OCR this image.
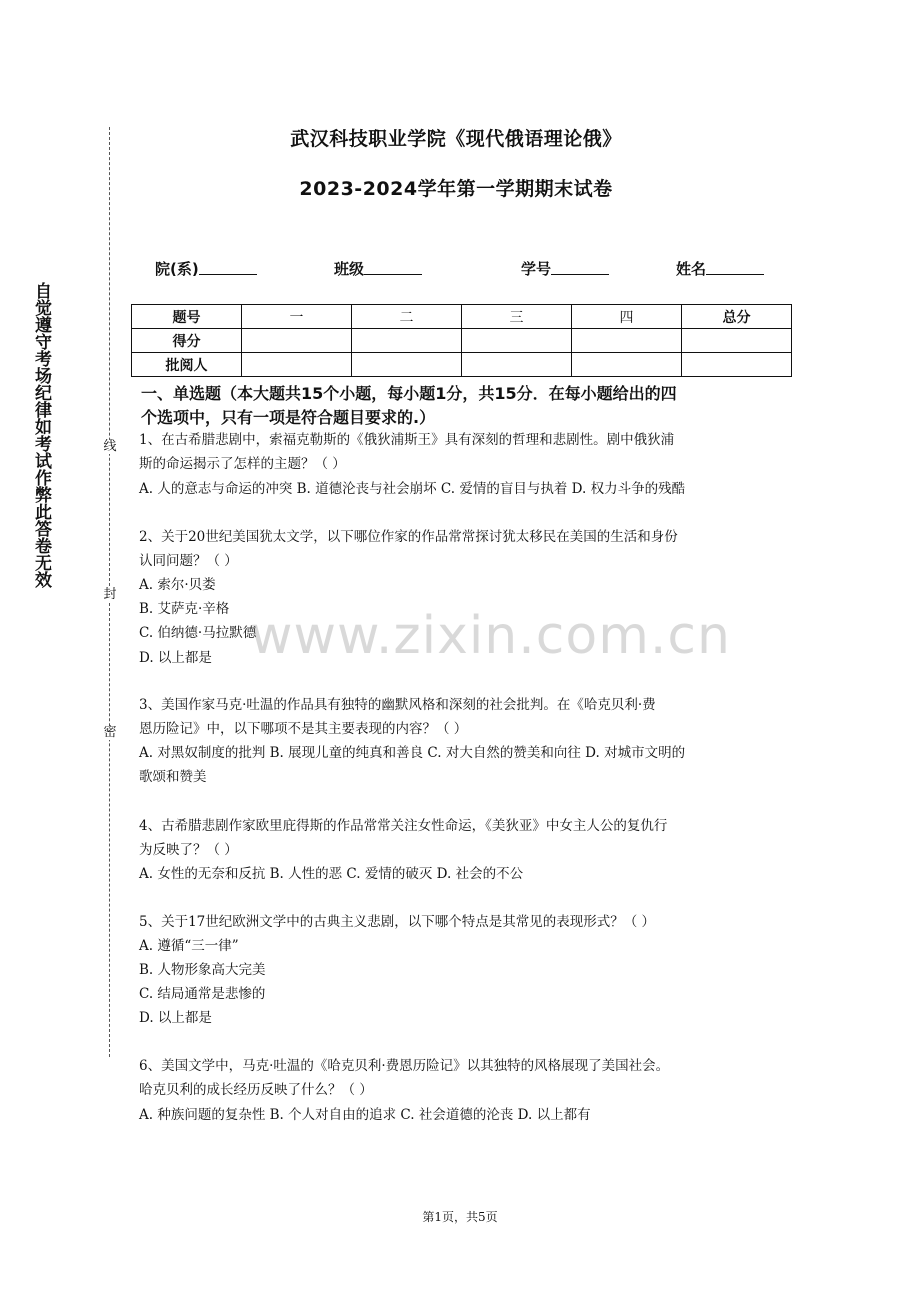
武汉科技职业学院《现代俄语理论俄》
2023-2024学年第一学期期末试卷
自觉遵守考场纪律如考试作弊此答卷无效	线
封
密
院(系)	班级	学号	姓名
题号	一	二	三	四	总分
得分					
批阅人					
一、单选题（本大题共15个小题，每小题1分，共15分．在每小题给出的四
个选项中，只有一项是符合题目要求的.）
www.zixin.com.cn
1、在古希腊悲剧中，索福克勒斯的《俄狄浦斯王》具有深刻的哲理和悲剧性。剧中俄狄浦
斯的命运揭示了怎样的主题？（ ）
A. 人的意志与命运的冲突 B. 道德沦丧与社会崩坏 C. 爱情的盲目与执着 D. 权力斗争的残酷
2、关于20世纪美国犹太文学，以下哪位作家的作品常常探讨犹太移民在美国的生活和身份
认同问题？（ ）
A. 索尔·贝娄
B. 艾萨克·辛格
C. 伯纳德·马拉默德
D. 以上都是
3、美国作家马克·吐温的作品具有独特的幽默风格和深刻的社会批判。在《哈克贝利·费
恩历险记》中，以下哪项不是其主要表现的内容？（ ）
A. 对黑奴制度的批判 B. 展现儿童的纯真和善良 C. 对大自然的赞美和向往 D. 对城市文明的
歌颂和赞美
4、古希腊悲剧作家欧里庇得斯的作品常常关注女性命运，《美狄亚》中女主人公的复仇行
为反映了？（ ）
A. 女性的无奈和反抗 B. 人性的恶 C. 爱情的破灭 D. 社会的不公
5、关于17世纪欧洲文学中的古典主义悲剧，以下哪个特点是其常见的表现形式？（ ）
A. 遵循“三一律”
B. 人物形象高大完美
C. 结局通常是悲惨的
D. 以上都是
6、美国文学中，马克·吐温的《哈克贝利·费恩历险记》以其独特的风格展现了美国社会。
哈克贝利的成长经历反映了什么？（ ）
A. 种族问题的复杂性 B. 个人对自由的追求 C. 社会道德的沦丧 D. 以上都有
第1页，共5页
